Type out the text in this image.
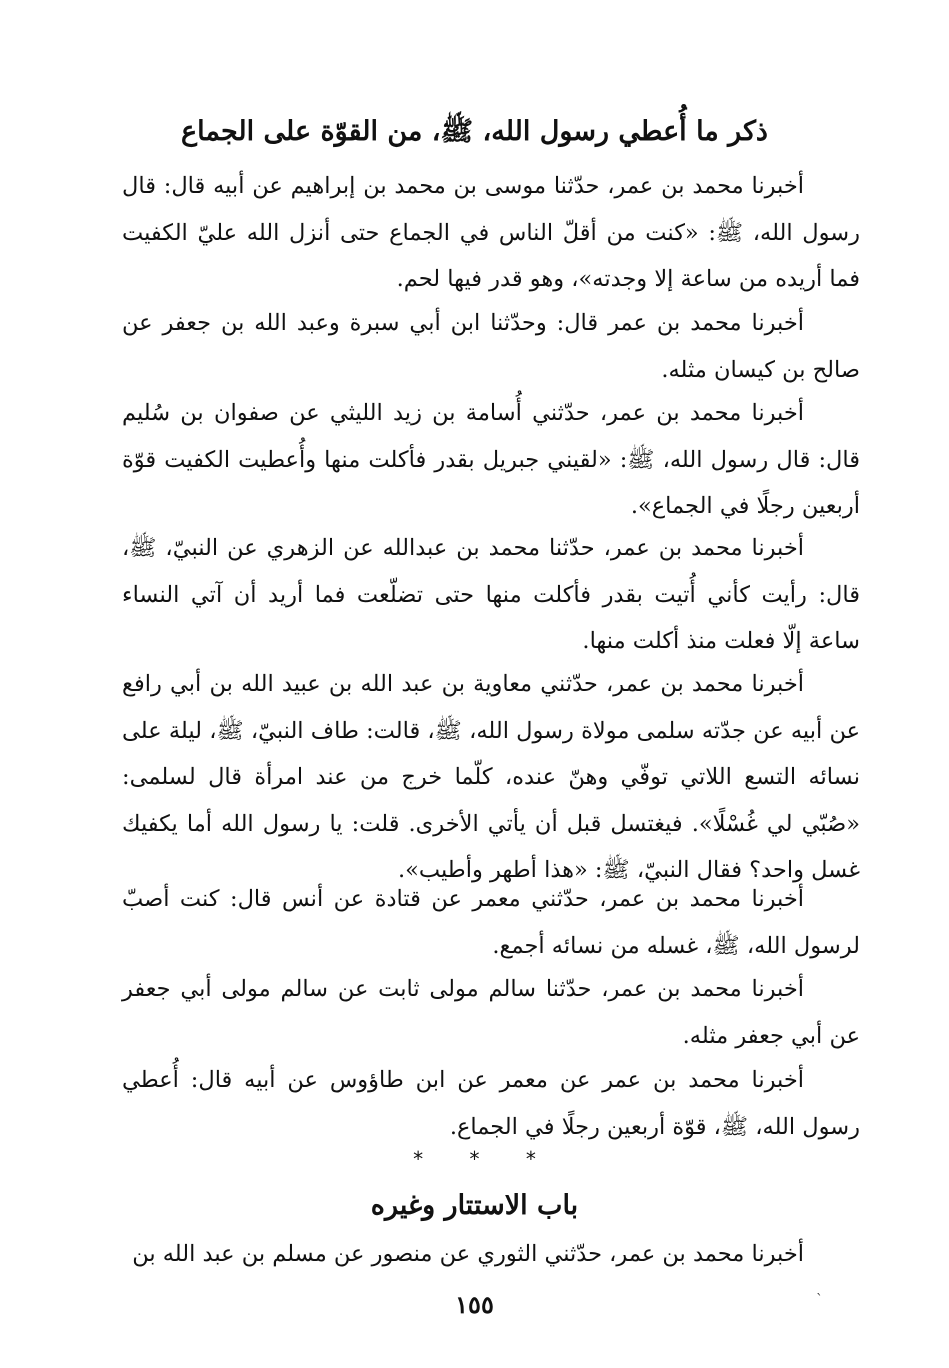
ذكر ما أُعطي رسول الله، ﷺ، من القوّة على الجماع

أخبرنا محمد بن عمر، حدّثنا موسى بن محمد بن إبراهيم عن أبيه قال: قال رسول الله، ﷺ: «كنت من أقلّ الناس في الجماع حتى أنزل الله عليّ الكفيت فما أريده من ساعة إلا وجدته»، وهو قدر فيها لحم.

أخبرنا محمد بن عمر قال: وحدّثنا ابن أبي سبرة وعبد الله بن جعفر عن صالح بن كيسان مثله.

أخبرنا محمد بن عمر، حدّثني أُسامة بن زيد الليثي عن صفوان بن سُليم قال: قال رسول الله، ﷺ: «لقيني جبريل بقدر فأكلت منها وأُعطيت الكفيت قوّة أربعين رجلًا في الجماع».

أخبرنا محمد بن عمر، حدّثنا محمد بن عبدالله عن الزهري عن النبيّ، ﷺ، قال: رأيت كأني أُتيت بقدر فأكلت منها حتى تضلّعت فما أريد أن آتي النساء ساعة إلّا فعلت منذ أكلت منها.

أخبرنا محمد بن عمر، حدّثني معاوية بن عبد الله بن عبيد الله بن أبي رافع عن أبيه عن جدّته سلمى مولاة رسول الله، ﷺ، قالت: طاف النبيّ، ﷺ، ليلة على نسائه التسع اللاتي توفّي وهنّ عنده، كلّما خرج من عند امرأة قال لسلمى: «صُبّي لي غُسْلًا». فيغتسل قبل أن يأتي الأخرى. قلت: يا رسول الله أما يكفيك غسل واحد؟ فقال النبيّ، ﷺ: «هذا أطهر وأطيب».

أخبرنا محمد بن عمر، حدّثني معمر عن قتادة عن أنس قال: كنت أصبّ لرسول الله، ﷺ، غسله من نسائه أجمع.

أخبرنا محمد بن عمر، حدّثنا سالم مولى ثابت عن سالم مولى أبي جعفر عن أبي جعفر مثله.

أخبرنا محمد بن عمر عن معمر عن ابن طاؤوس عن أبيه قال: أُعطي رسول الله، ﷺ، قوّة أربعين رجلًا في الجماع.

* * *
باب الاستتار وغيره

أخبرنا محمد بن عمر، حدّثني الثوري عن منصور عن مسلم بن عبد الله بن

١٥٥	`
